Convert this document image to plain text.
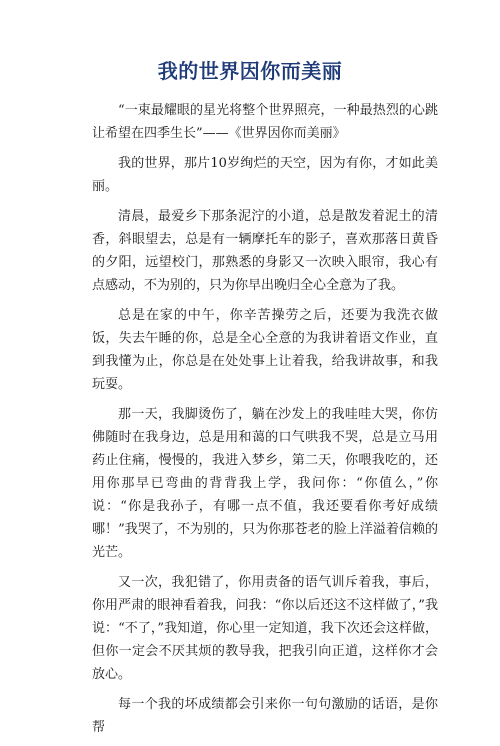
我的世界因你而美丽

“一束最耀眼的星光将整个世界照亮，一种最热烈的心跳让希望在四季生长”——《世界因你而美丽》

我的世界，那片10岁绚烂的天空，因为有你，才如此美丽。

清晨，最爱乡下那条泥泞的小道，总是散发着泥土的清香，斜眼望去，总是有一辆摩托车的影子，喜欢那落日黄昏的夕阳，远望校门，那熟悉的身影又一次映入眼帘，我心有点感动，不为别的，只为你早出晚归全心全意为了我。

总是在家的中午，你辛苦操劳之后，还要为我洗衣做饭，失去午睡的你，总是全心全意的为我讲着语文作业，直到我懂为止，你总是在处处事上让着我，给我讲故事，和我玩耍。

那一天，我脚烫伤了，躺在沙发上的我哇哇大哭，你仿佛随时在我身边，总是用和蔼的口气哄我不哭，总是立马用药止住痛，慢慢的，我进入梦乡，第二天，你喂我吃的，还用你那早已弯曲的背背我上学，我问你：“你值么，”你说：“你是我孙子，有哪一点不值，我还要看你考好成绩哪！”我哭了，不为别的，只为你那苍老的脸上洋溢着信赖的光芒。

又一次，我犯错了，你用责备的语气训斥着我，事后，你用严肃的眼神看着我，问我：“你以后还这不这样做了，”我说：“不了，”我知道，你心里一定知道，我下次还会这样做，但你一定会不厌其烦的教导我，把我引向正道，这样你才会放心。

每一个我的坏成绩都会引来你一句句激励的话语，是你帮
